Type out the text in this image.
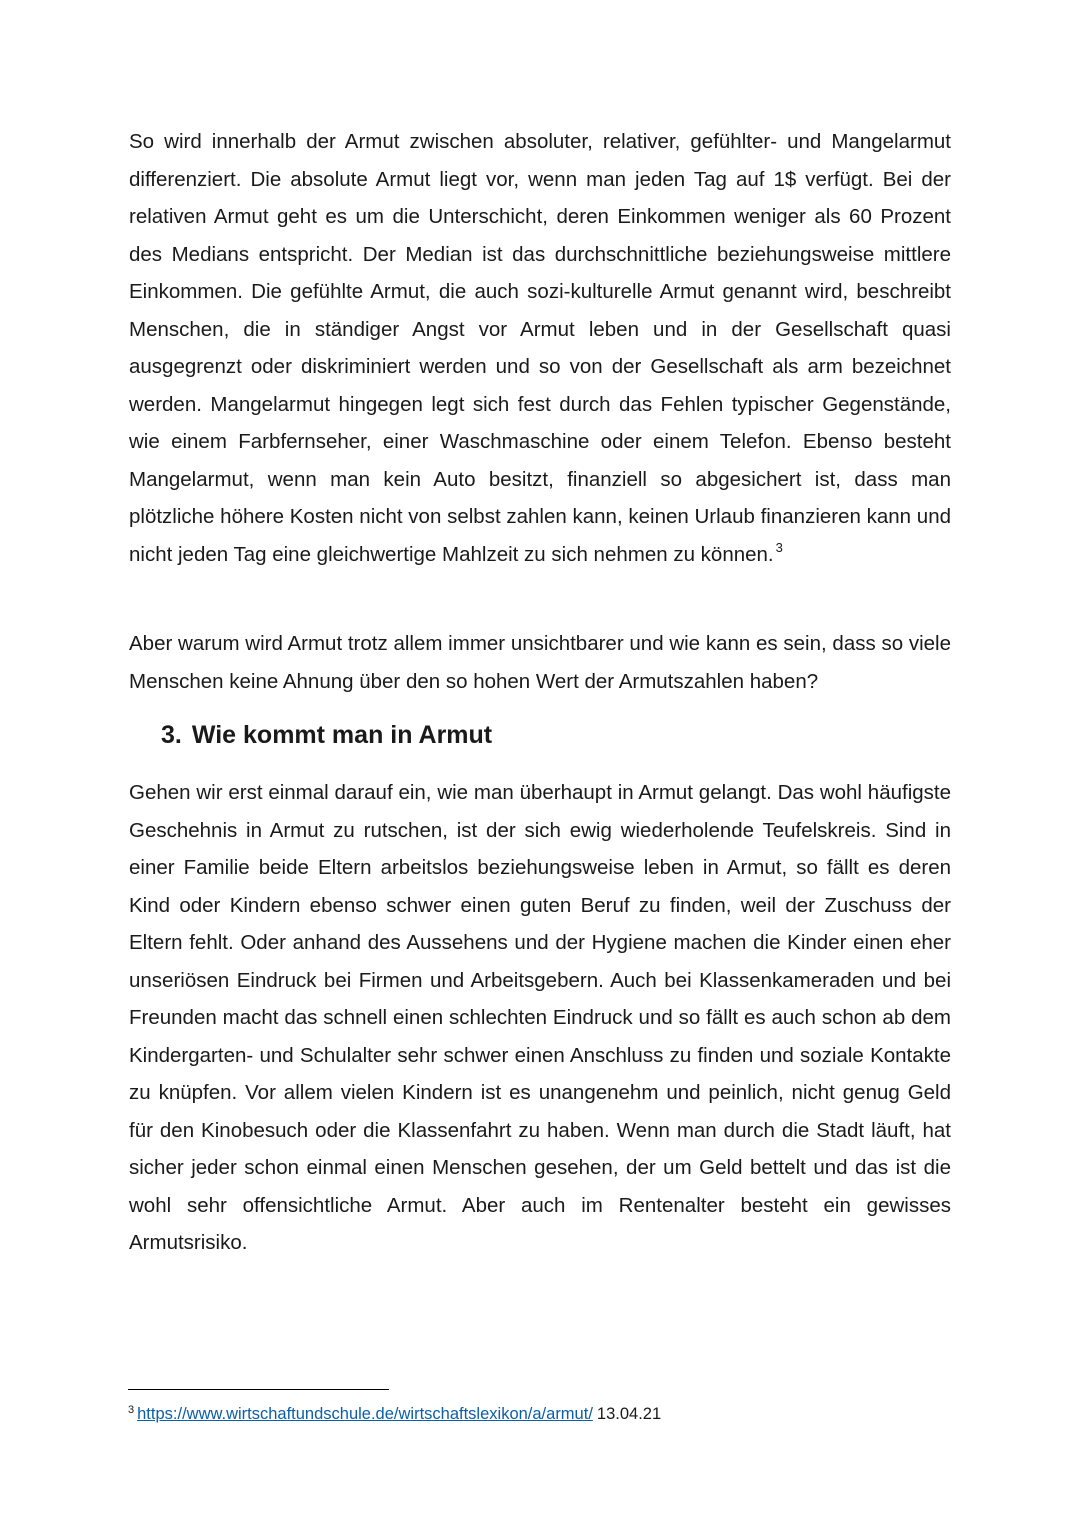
So wird innerhalb der Armut zwischen absoluter, relativer, gefühlter- und Mangelarmut differenziert. Die absolute Armut liegt vor, wenn man jeden Tag auf 1$ verfügt. Bei der relativen Armut geht es um die Unterschicht, deren Einkommen weniger als 60 Prozent des Medians entspricht. Der Median ist das durchschnittliche beziehungsweise mittlere Einkommen. Die gefühlte Armut, die auch sozi-kulturelle Armut genannt wird, beschreibt Menschen, die in ständiger Angst vor Armut leben und in der Gesellschaft quasi ausgegrenzt oder diskriminiert werden und so von der Gesellschaft als arm bezeichnet werden. Mangelarmut hingegen legt sich fest durch das Fehlen typischer Gegenstände, wie einem Farbfernseher, einer Waschmaschine oder einem Telefon. Ebenso besteht Mangelarmut, wenn man kein Auto besitzt, finanziell so abgesichert ist, dass man plötzliche höhere Kosten nicht von selbst zahlen kann, keinen Urlaub finanzieren kann und nicht jeden Tag eine gleichwertige Mahlzeit zu sich nehmen zu können. $^3$

Aber warum wird Armut trotz allem immer unsichtbarer und wie kann es sein, dass so viele Menschen keine Ahnung über den so hohen Wert der Armutszahlen haben?

3. Wie kommt man in Armut

Gehen wir erst einmal darauf ein, wie man überhaupt in Armut gelangt. Das wohl häufigste Geschehnis in Armut zu rutschen, ist der sich ewig wiederholende Teufelskreis. Sind in einer Familie beide Eltern arbeitslos beziehungsweise leben in Armut, so fällt es deren Kind oder Kindern ebenso schwer einen guten Beruf zu finden, weil der Zuschuss der Eltern fehlt. Oder anhand des Aussehens und der Hygiene machen die Kinder einen eher unseriösen Eindruck bei Firmen und Arbeitsgebern. Auch bei Klassenkameraden und bei Freunden macht das schnell einen schlechten Eindruck und so fällt es auch schon ab dem Kindergarten- und Schulalter sehr schwer einen Anschluss zu finden und soziale Kontakte zu knüpfen. Vor allem vielen Kindern ist es unangenehm und peinlich, nicht genug Geld für den Kinobesuch oder die Klassenfahrt zu haben. Wenn man durch die Stadt läuft, hat sicher jeder schon einmal einen Menschen gesehen, der um Geld bettelt und das ist die wohl sehr offensichtliche Armut. Aber auch im Rentenalter besteht ein gewisses Armutsrisiko.

$^3$ https://www.wirtschaftundschule.de/wirtschaftslexikon/a/armut/ 13.04.21
